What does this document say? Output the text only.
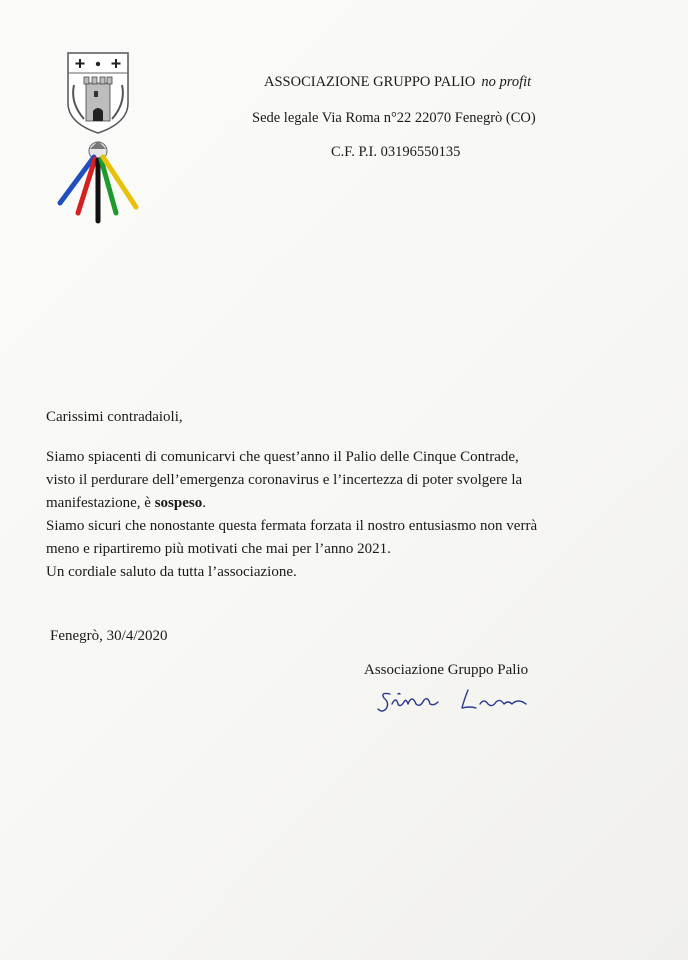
ASSOCIAZIONE GRUPPO PALIO no profit
Sede legale Via Roma n°22 22070 Fenegrò (CO)
C.F. P.I. 03196550135
Carissimi contradaioli,

Siamo spiacenti di comunicarvi che quest’anno il Palio delle Cinque Contrade,

visto il perdurare dell’emergenza coronavirus e l’incertezza di poter svolgere la

manifestazione, è sospeso.

Siamo sicuri che nonostante questa fermata forzata il nostro entusiasmo non verrà

meno e ripartiremo più motivati che mai per l’anno 2021.

Un cordiale saluto da tutta l’associazione.

Fenegrò, 30/4/2020
Associazione Gruppo Palio
